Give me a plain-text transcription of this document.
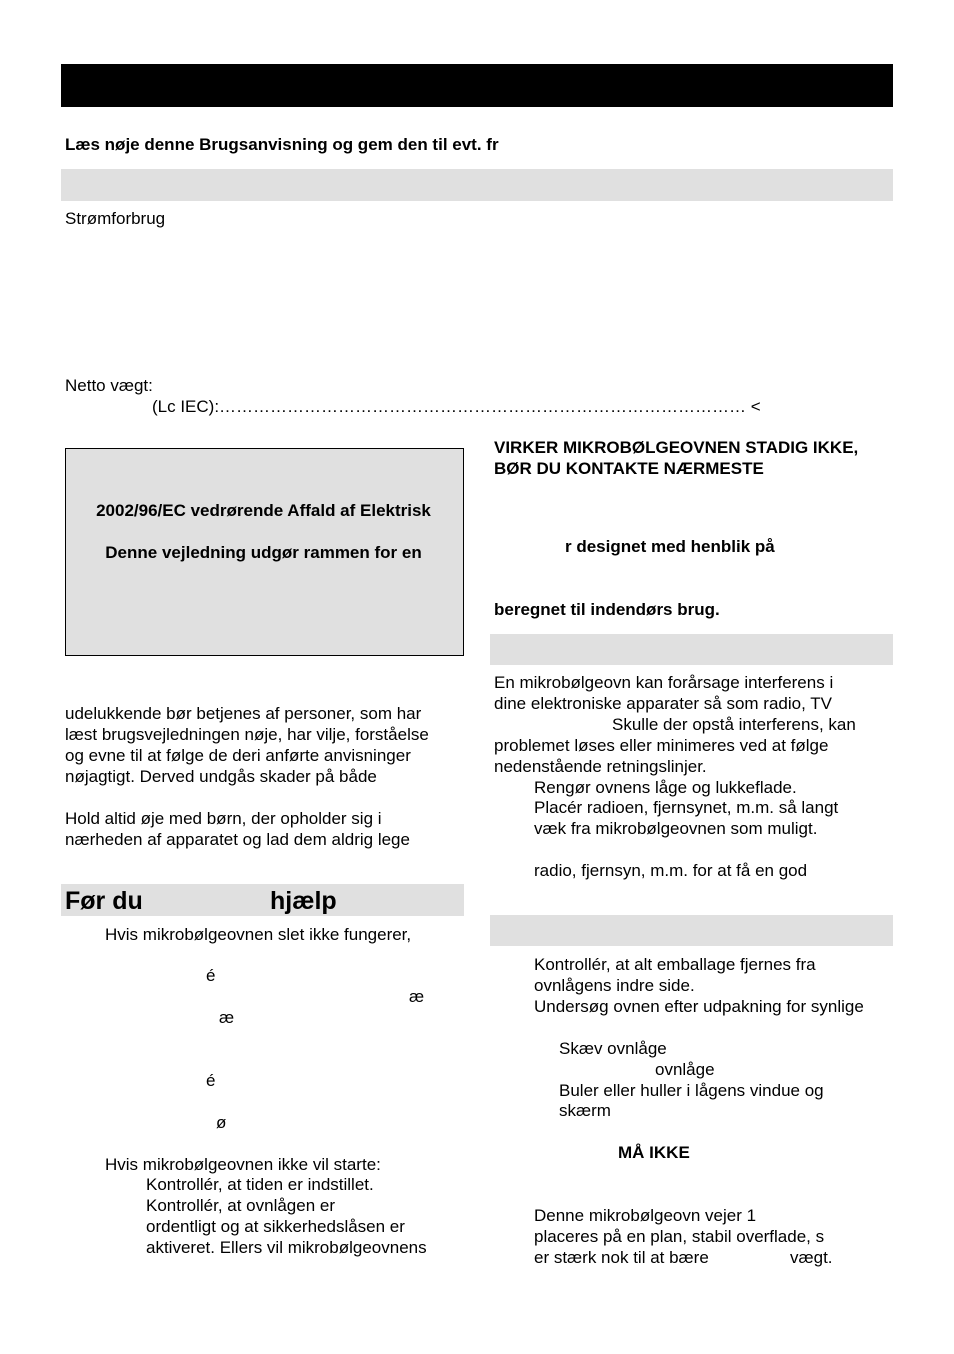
Læs nøje denne Brugsanvisning og gem den til evt. fr
Strømforbrug
Netto vægt:
(Lc IEC):………………………………………………………………………………… <
2002/96/EC vedrørende Affald af Elektrisk
Denne vejledning udgør rammen for en
udelukkende bør betjenes af personer, som har
læst brugsvejledningen nøje, har vilje, forståelse
og evne til at følge de deri anførte anvisninger
nøjagtigt. Derved undgås skader på både
Hold altid øje med børn, der opholder sig i
nærheden af apparatet og lad dem aldrig lege
Før du	hjælp
Hvis mikrobølgeovnen slet ikke fungerer,
é
æ
æ
é
ø
Hvis mikrobølgeovnen ikke vil starte:
Kontrollér, at tiden er indstillet.
Kontrollér, at ovnlågen er
ordentligt og at sikkerhedslåsen er
aktiveret. Ellers vil mikrobølgeovnens
VIRKER MIKROBØLGEOVNEN STADIG IKKE,
BØR DU KONTAKTE NÆRMESTE
r designet med henblik på
beregnet til indendørs brug.
En mikrobølgeovn kan forårsage interferens i
dine elektroniske apparater så som radio, TV
Skulle der opstå interferens, kan
problemet løses eller minimeres ved at følge
nedenstående retningslinjer.
Rengør ovnens låge og lukkeflade.
Placér radioen, fjernsynet, m.m. så langt
væk fra mikrobølgeovnen som muligt.
radio, fjernsyn, m.m. for at få en god
Kontrollér, at alt emballage fjernes fra
ovnlågens indre side.
Undersøg ovnen efter udpakning for synlige
Skæv ovnlåge
ovnlåge
Buler eller huller i lågens vindue og
skærm
MÅ IKKE
Denne mikrobølgeovn vejer 1
placeres på en plan, stabil overflade, s
er stærk nok til at bære	vægt.
